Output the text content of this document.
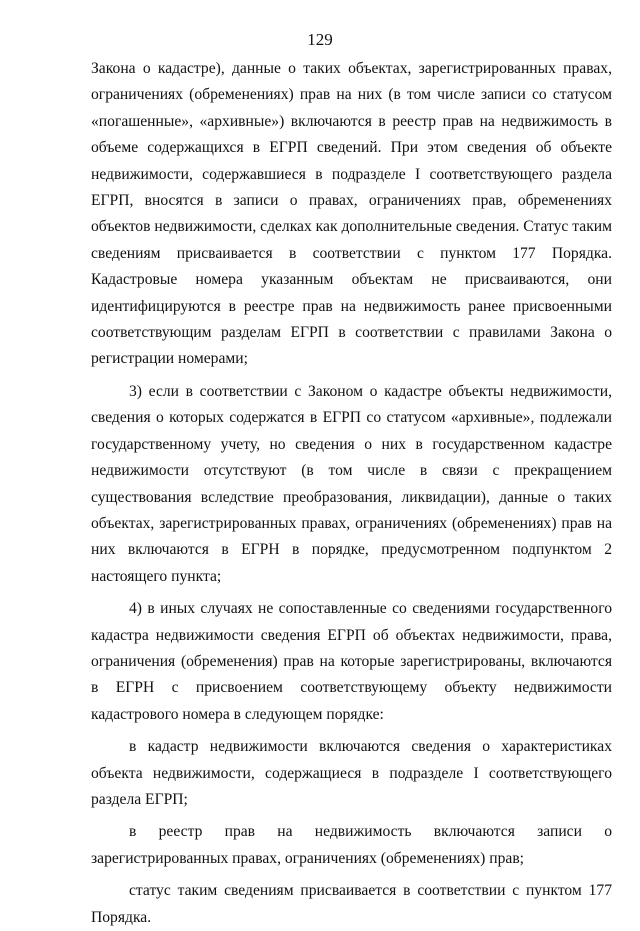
129

Закона о кадастре), данные о таких объектах, зарегистрированных правах, ограничениях (обременениях) прав на них (в том числе записи со статусом «погашенные», «архивные») включаются в реестр прав на недвижимость в объеме содержащихся в ЕГРП сведений. При этом сведения об объекте недвижимости, содержавшиеся в подразделе I соответствующего раздела ЕГРП, вносятся в записи о правах, ограничениях прав, обременениях объектов недвижимости, сделках как дополнительные сведения. Статус таким сведениям присваивается в соответствии с пунктом 177 Порядка. Кадастровые номера указанным объектам не присваиваются, они идентифицируются в реестре прав на недвижимость ранее присвоенными соответствующим разделам ЕГРП в соответствии с правилами Закона о регистрации номерами;

3) если в соответствии с Законом о кадастре объекты недвижимости, сведения о которых содержатся в ЕГРП со статусом «архивные», подлежали государственному учету, но сведения о них в государственном кадастре недвижимости отсутствуют (в том числе в связи с прекращением существования вследствие преобразования, ликвидации), данные о таких объектах, зарегистрированных правах, ограничениях (обременениях) прав на них включаются в ЕГРН в порядке, предусмотренном подпунктом 2 настоящего пункта;

4) в иных случаях не сопоставленные со сведениями государственного кадастра недвижимости сведения ЕГРП об объектах недвижимости, права, ограничения (обременения) прав на которые зарегистрированы, включаются в ЕГРН с присвоением соответствующему объекту недвижимости кадастрового номера в следующем порядке:

в кадастр недвижимости включаются сведения о характеристиках объекта недвижимости, содержащиеся в подразделе I соответствующего раздела ЕГРП;

в реестр прав на недвижимость включаются записи о зарегистрированных правах, ограничениях (обременениях) прав;

статус таким сведениям присваивается в соответствии с пунктом 177 Порядка.
